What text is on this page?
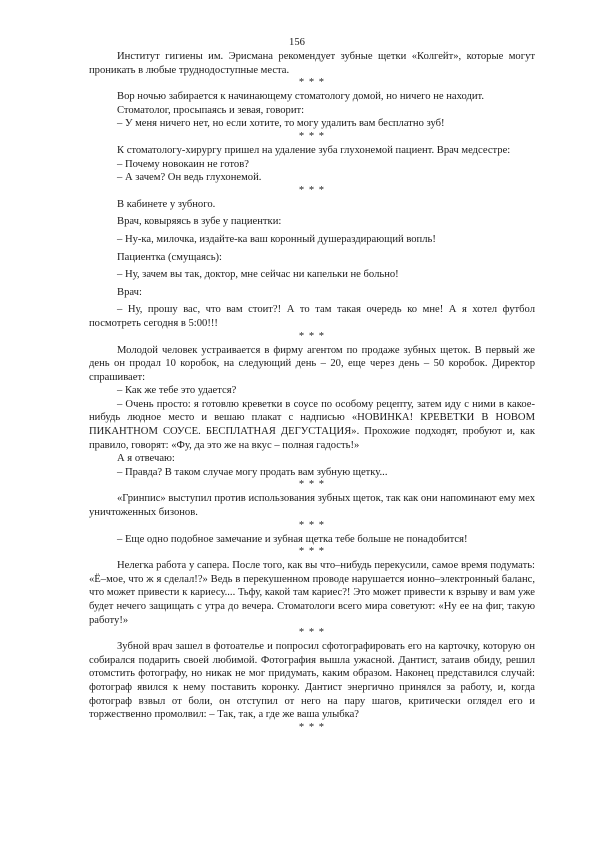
156
Институт гигиены им. Эрисмана рекомендует зубные щетки «Колгейт», которые могут проникать в любые труднодоступные места.
* * *
Вор ночью забирается к начинающему стоматологу домой, но ничего не находит.
Стоматолог, просыпаясь и зевая, говорит:
– У меня ничего нет, но если хотите, то могу удалить вам бесплатно зуб!
* * *
К стоматологу-хирургу пришел на удаление зуба глухонемой пациент. Врач медсестре:
– Почему новокаин не готов?
– А зачем? Он ведь глухонемой.
* * *
В кабинете у зубного.
Врач, ковыряясь в зубе у пациентки:
– Ну-ка, милочка, издайте-ка ваш коронный душераздирающий вопль!
Пациентка (смущаясь):
– Ну, зачем вы так, доктор, мне сейчас ни капельки не больно!
Врач:
– Ну, прошу вас, что вам стоит?! А то там такая очередь ко мне! А я хотел футбол посмотреть сегодня в 5:00!!!
* * *
Молодой человек устраивается в фирму агентом по продаже зубных щеток. В первый же день он продал 10 коробок, на следующий день – 20, еще через день – 50 коробок. Директор спрашивает:
– Как же тебе это удается?
– Очень просто: я готовлю креветки в соусе по особому рецепту, затем иду с ними в какое-нибудь людное место и вешаю плакат с надписью «НОВИНКА! КРЕВЕТКИ В НОВОМ ПИКАНТНОМ СОУСЕ. БЕСПЛАТНАЯ ДЕГУСТАЦИЯ». Прохожие подходят, пробуют и, как правило, говорят: «Фу, да это же на вкус – полная гадость!»
А я отвечаю:
– Правда? В таком случае могу продать вам зубную щетку...
* * *
«Гринпис» выступил против использования зубных щеток, так как они напоминают ему мех уничтоженных бизонов.
* * *
– Еще одно подобное замечание и зубная щетка тебе больше не понадобится!
* * *
Нелегка работа у сапера. После того, как вы что–нибудь перекусили, самое время подумать: «Ё–мое, что ж я сделал!?» Ведь в перекушенном проводе нарушается ионно–электронный баланс, что может привести к кариесу.... Тьфу, какой там кариес?! Это может привести к взрыву и вам уже будет нечего защищать с утра до вечера. Стоматологи всего мира советуют: «Ну ее на фиг, такую работу!»
* * *
Зубной врач зашел в фотоателье и попросил сфотографировать его на карточку, которую он собирался подарить своей любимой. Фотография вышла ужасной. Дантист, затаив обиду, решил отомстить фотографу, но никак не мог придумать, каким образом. Наконец представился случай: фотограф явился к нему поставить коронку. Дантист энергично принялся за работу, и, когда фотограф взвыл от боли, он отступил от него на пару шагов, критически оглядел его и торжественно промолвил: – Так, так, а где же ваша улыбка?
* * *
